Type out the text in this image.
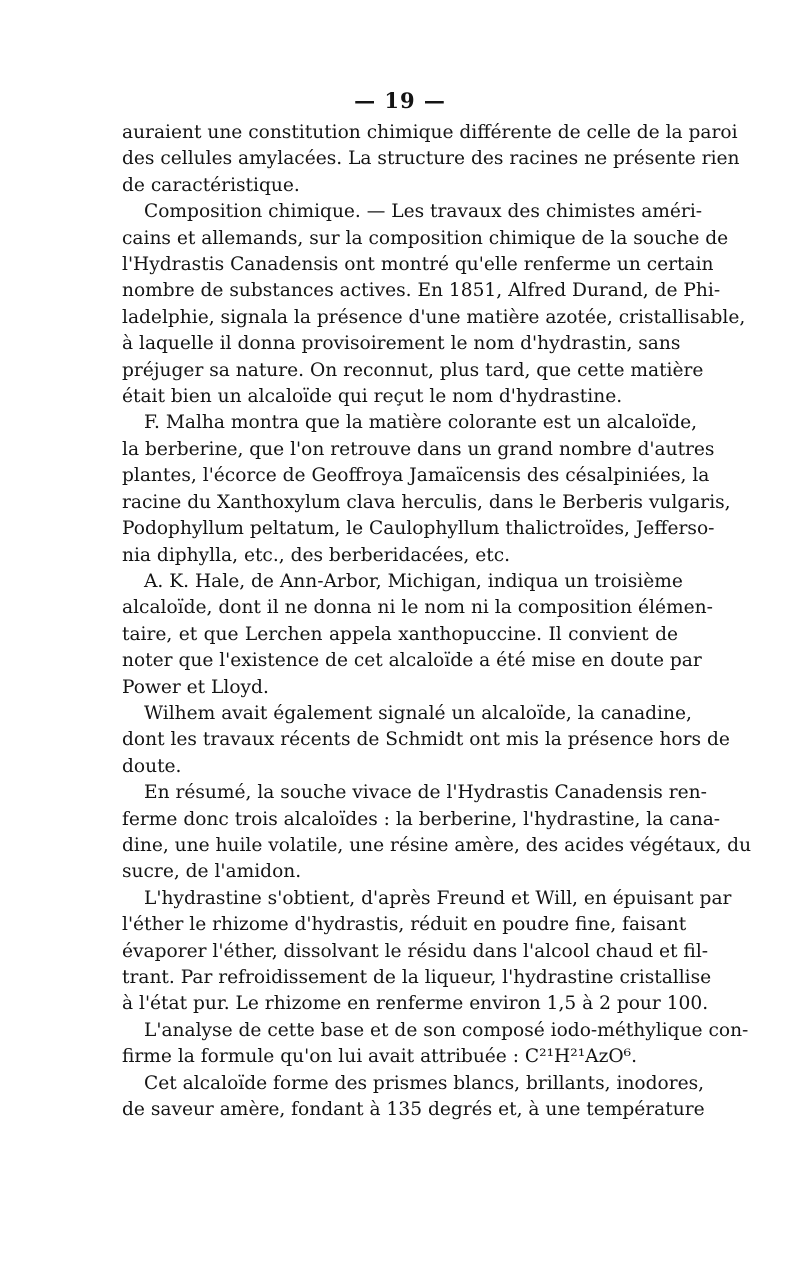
— 19 —

auraient une constitution chimique différente de celle de la paroi
des cellules amylacées. La structure des racines ne présente rien
de caractéristique.

Composition chimique. — Les travaux des chimistes améri-
cains et allemands, sur la composition chimique de la souche de
l'Hydrastis Canadensis ont montré qu'elle renferme un certain
nombre de substances actives. En 1851, Alfred Durand, de Phi-
ladelphie, signala la présence d'une matière azotée, cristallisable,
à laquelle il donna provisoirement le nom d'hydrastin, sans
préjuger sa nature. On reconnut, plus tard, que cette matière
était bien un alcaloïde qui reçut le nom d'hydrastine.

F. Malha montra que la matière colorante est un alcaloïde,
la berberine, que l'on retrouve dans un grand nombre d'autres
plantes, l'écorce de Geoffroya Jamaïcensis des césalpiniées, la
racine du Xanthoxylum clava herculis, dans le Berberis vulgaris,
Podophyllum peltatum, le Caulophyllum thalictroïdes, Jefferso-
nia diphylla, etc., des berberidacées, etc.

A. K. Hale, de Ann-Arbor, Michigan, indiqua un troisième
alcaloïde, dont il ne donna ni le nom ni la composition élémen-
taire, et que Lerchen appela xanthopuccine. Il convient de
noter que l'existence de cet alcaloïde a été mise en doute par
Power et Lloyd.

Wilhem avait également signalé un alcaloïde, la canadine,
dont les travaux récents de Schmidt ont mis la présence hors de
doute.

En résumé, la souche vivace de l'Hydrastis Canadensis ren-
ferme donc trois alcaloïdes : la berberine, l'hydrastine, la cana-
dine, une huile volatile, une résine amère, des acides végétaux, du
sucre, de l'amidon.

L'hydrastine s'obtient, d'après Freund et Will, en épuisant par
l'éther le rhizome d'hydrastis, réduit en poudre fine, faisant
évaporer l'éther, dissolvant le résidu dans l'alcool chaud et fil-
trant. Par refroidissement de la liqueur, l'hydrastine cristallise
à l'état pur. Le rhizome en renferme environ 1,5 à 2 pour 100.

L'analyse de cette base et de son composé iodo-méthylique con-
firme la formule qu'on lui avait attribuée : C²¹H²¹AzO⁶.

Cet alcaloïde forme des prismes blancs, brillants, inodores,
de saveur amère, fondant à 135 degrés et, à une température
